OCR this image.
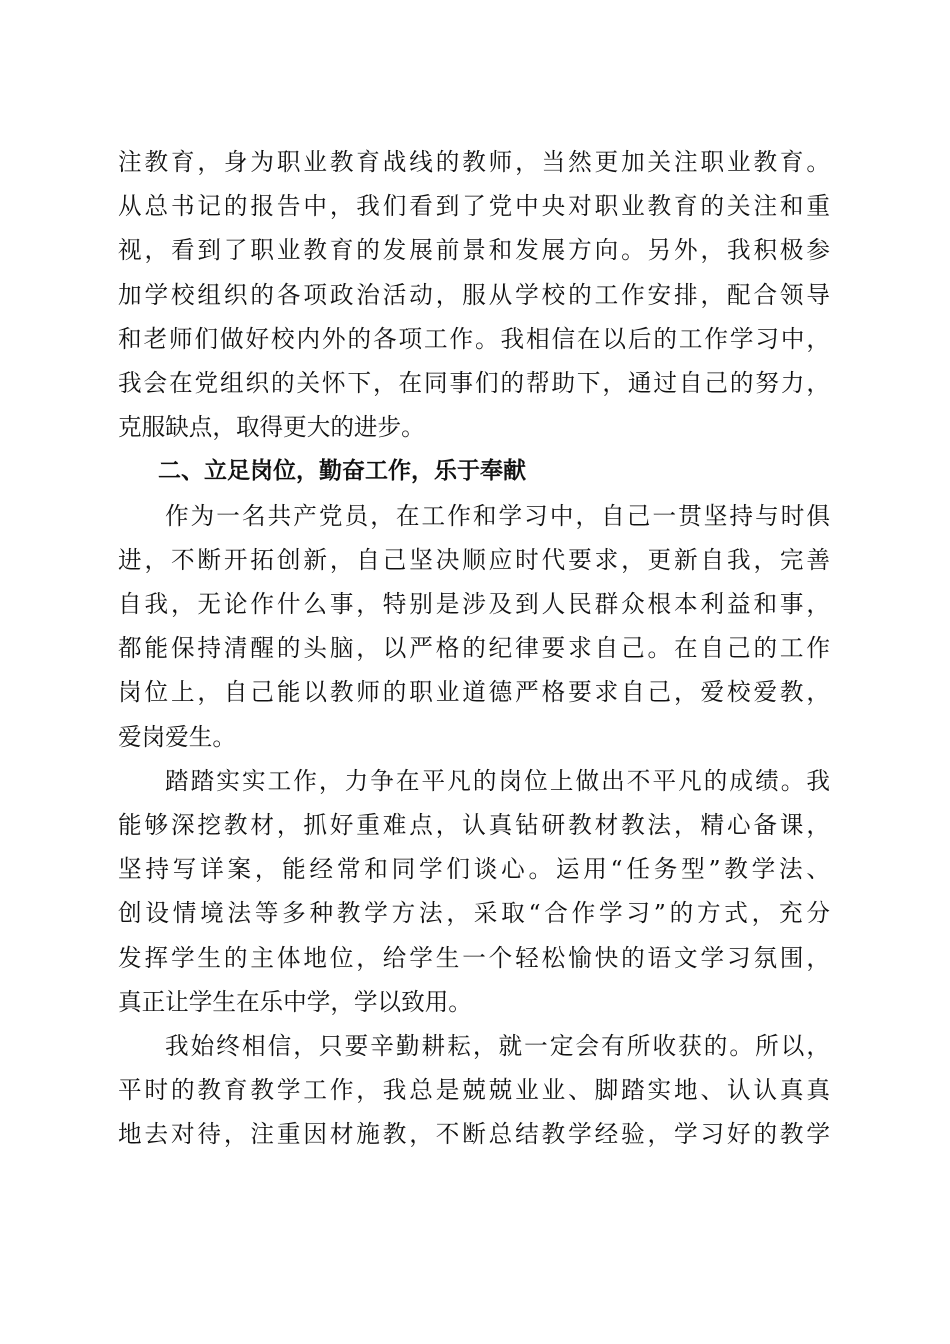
注教育，身为职业教育战线的教师，当然更加关注职业教育。
从总书记的报告中，我们看到了党中央对职业教育的关注和重
视，看到了职业教育的发展前景和发展方向。另外，我积极参
加学校组织的各项政治活动，服从学校的工作安排，配合领导
和老师们做好校内外的各项工作。我相信在以后的工作学习中，
我会在党组织的关怀下，在同事们的帮助下，通过自己的努力，
克服缺点，取得更大的进步。
二、立足岗位，勤奋工作，乐于奉献
作为一名共产党员，在工作和学习中，自己一贯坚持与时俱
进，不断开拓创新，自己坚决顺应时代要求，更新自我，完善
自我，无论作什么事，特别是涉及到人民群众根本利益和事，
都能保持清醒的头脑，以严格的纪律要求自己。在自己的工作
岗位上，自己能以教师的职业道德严格要求自己，爱校爱教，
爱岗爱生。
踏踏实实工作，力争在平凡的岗位上做出不平凡的成绩。我
能够深挖教材，抓好重难点，认真钻研教材教法，精心备课，
坚持写详案，能经常和同学们谈心。运用“任务型”教学法、
创设情境法等多种教学方法，采取“合作学习”的方式，充分
发挥学生的主体地位，给学生一个轻松愉快的语文学习氛围，
真正让学生在乐中学，学以致用。
我始终相信，只要辛勤耕耘，就一定会有所收获的。所以，
平时的教育教学工作，我总是兢兢业业、脚踏实地、认认真真
地去对待，注重因材施教，不断总结教学经验，学习好的教学
